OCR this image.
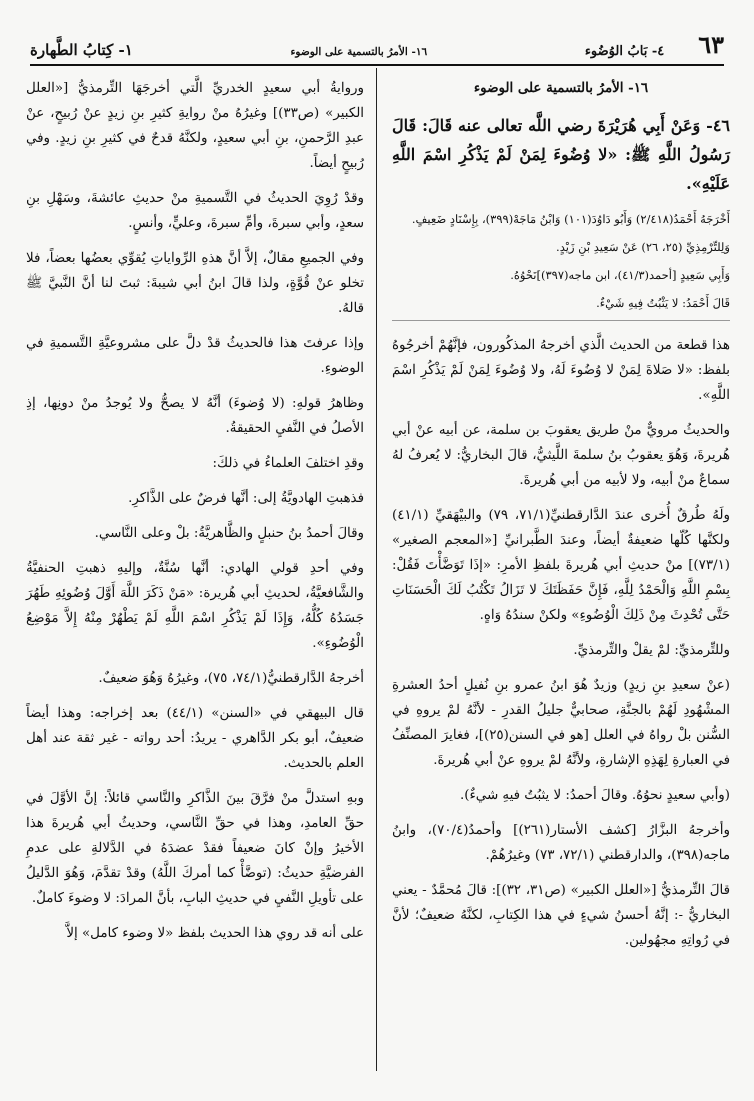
٦٣
٤- بَابُ الوُضُوء
١٦- الأمرُ بالتسمية على الوضوء
١- كِتابُ الطَّهارة

١٦- الأمرُ بالتسمية على الوضوء

٤٦- وَعَنْ أَبِي هُرَيْرَةَ رضي اللَّه تعالى عنه قَالَ: قَالَ رَسُولُ اللَّهِ ﷺ: «لا وُضُوءَ لِمَنْ لَمْ يَذْكُرِ اسْمَ اللَّهِ عَلَيْهِ».

أَخْرَجَهُ أَحْمَدُ(٢/٤١٨) وَأَبُو دَاوُدَ(١٠١) وَابْنُ مَاجَهْ(٣٩٩)، بِإِسْنَادٍ ضَعِيفٍ.

وَلِلتِّرْمِذِيِّ (٢٥، ٢٦) عَنْ سَعِيدِ بْنِ زَيْدٍ.

وَأَبِي سَعِيدٍ [أحمد(٤١/٣)، ابن ماجه(٣٩٧)]نَحْوُهُ.

قَالَ أَحْمَدُ: لا يَثْبُتُ فِيهِ شَيْءٌ.

هذا قطعة من الحديث الَّذي أخرجهُ المذكُورون، فإنَّهُمْ أخرجُوهُ بلفظ: «لا صَلاةَ لِمَنْ لا وُضُوءَ لَهُ، ولا وُضُوءَ لِمَنْ لَمْ يَذْكُرِ اسْمَ اللَّهِ».

والحديثُ مرويٌّ منْ طريق يعقوبَ بن سلمة، عن أبيه عنْ أبي هُريرةَ، وَهُوَ يعقوبُ بنُ سلمةَ اللَّيثيُّ، قالَ البخاريُّ: لا يُعرفُ لهُ سماعٌ منْ أبيه، ولا لأبيه من أبي هُريرةَ.

ولَهُ طُرقٌ أُخرى عندَ الدَّارقطنيِّ(٧١/١، ٧٩) والبيْهَقيِّ (٤١/١) ولكنَّها كُلّها ضعيفةٌ أيضاً، وعندَ الطَّبرانيِّ [«المعجم الصغير» (٧٣/١)] منْ حديثِ أبي هُريرةَ بلفظِ الأمرِ: «إذَا تَوَضَّأْتَ فَقُلْ: بِسْمِ اللَّهِ وَالْحَمْدُ لِلَّهِ، فَإِنَّ حَفَظَتَكَ لا تَزَالُ تَكْتُبُ لَكَ الْحَسَنَاتِ حَتَّى تُحْدِثَ مِنْ ذَلِكَ الْوُضُوءِ» ولكنْ سندُهُ وَاهٍ.

وللتِّرمذيِّ: لمْ يقلْ والتِّرمذيِّ.

(عنْ سعيدِ بنِ زيدٍ) وزيدٌ هُوَ ابنُ عمرو بنِ نُفيلٍ أحدُ العشرةِ المشْهُودِ لَهُمْ بالجنَّةِ، صحابيٌّ جليلُ القدرِ - لأنَّهُ لمْ يروهِ في السُّنن بلْ رواهُ في العلل [هو في السنن(٢٥)]، فغايرَ المصنِّفُ في العبارةِ لِهَذِهِ الإشارةِ، ولأنَّهُ لمْ يروهِ عنْ أبي هُريرةَ.

(وأبي سعيدٍ نحوُهُ. وقالَ أحمدُ: لا يثبُتُ فيهِ شيءٌ).

وأخرجهُ البزَّارُ [كشف الأستار(٢٦١)] وأحمدُ(٧٠/٤)، وابنُ ماجه(٣٩٨)، والدارقطني (٧٢/١، ٧٣) وغيرُهُمْ.

قالَ التِّرمذيُّ [«العلل الكبير» (ص٣١، ٣٢)]: قالَ مُحمَّدٌ - يعني البخاريُّ -: إنَّهُ أحسنُ شيءٍ في هذا الكِتابِ، لكنَّهُ ضعيفٌ؛ لأنَّ في رُواتِهِ مجهُولين.

وروايةُ أبي سعيدٍ الخدريِّ الَّتي أخرجَهَا التِّرمذيُّ [«العلل الكبير» (ص٣٣)] وغيرُهُ منْ روايةِ كثيرِ بنِ زيدٍ عنْ رُبيحٍ، عنْ عبدِ الرَّحمنِ، بنِ أبي سعيدٍ، ولكنَّهُ قدحٌ في كثيرِ بنِ زيدٍ. وفي رُبيحٍ أيضاً.

وقدْ رُوِيَ الحديثُ في التَّسميةِ منْ حديثِ عائشةَ، وسَهْلِ بنِ سعدٍ، وأبي سبرةَ، وأمِّ سبرةَ، وعليٍّ، وأنسٍ.

وفي الجميعِ مقالٌ، إلاَّ أنَّ هذهِ الرِّواياتِ يُقوِّي بعضُها بعضاً، فلا تخلو عنْ قُوَّةٍ، ولذا قالَ ابنُ أبي شيبةَ: ثبتَ لنا أنَّ النَّبيَّ ﷺ قالهُ.

وإذا عرفتَ هذا فالحديثُ قدْ دلَّ على مشروعيَّةِ التَّسميةِ في الوضوءِ.

وظاهرُ قولهِ: (لا وُضوءَ) أنَّهُ لا يصحُّ ولا يُوجدُ منْ دونِها، إذِ الأصلُ في النَّفيِ الحقيقةُ.

وقدِ اختلفَ العلماءُ في ذلكَ:

فذهبتِ الهادويَّةُ إلى: أنَّها فرضٌ على الذَّاكرِ.

وقالَ أحمدُ بنُ حنبلٍ والظَّاهريَّةُ: بلْ وعلى النَّاسي.

وفي أحدِ قولي الهادي: أنَّها سُنَّةٌ، وإليهِ ذهبتِ الحنفيَّةُ والشَّافعيَّةُ، لحديثِ أبي هُريرة: «مَنْ ذَكَرَ اللَّهَ أَوَّلَ وُضُوئِهِ طَهُرَ جَسَدُهُ كُلُّهُ، وَإِذَا لَمْ يَذْكُرِ اسْمَ اللَّهِ لَمْ يَطْهُرْ مِنْهُ إِلاَّ مَوْضِعُ الْوُضُوءِ».

أخرجهُ الدَّارقطنيُّ(٧٤/١، ٧٥)، وغيرُهُ وَهُوَ ضعيفٌ.

قال البيهقي في «السنن» (٤٤/١) بعد إخراجه: وهذا أيضاً ضعيفٌ، أبو بكر الدَّاهري - يريدُ: أحد رواته - غير ثقة عند أهل العلم بالحديث.

وبهِ استدلَّ منْ فرَّقَ بينَ الذَّاكرِ والنَّاسي قائلاً: إنَّ الأوَّلَ في حقِّ العامدِ، وهذا في حقِّ النَّاسي، وحديثُ أبي هُريرةَ هذا الأخيرُ وإنْ كانَ ضعيفاً فقدْ عضدَهُ في الدَّلالةِ على عدمِ الفرضيَّةِ حديثُ: (توضَّأْ كما أمركَ اللَّهُ) وقدْ تقدَّمَ، وَهُوَ الدَّليلُ على تأويلِ النَّفيِ في حديثِ البابِ، بأنَّ المرادَ: لا وضوءَ كاملٌ.

على أنه قد روي هذا الحديث بلفظ «لا وضوء كامل» إلاَّ
